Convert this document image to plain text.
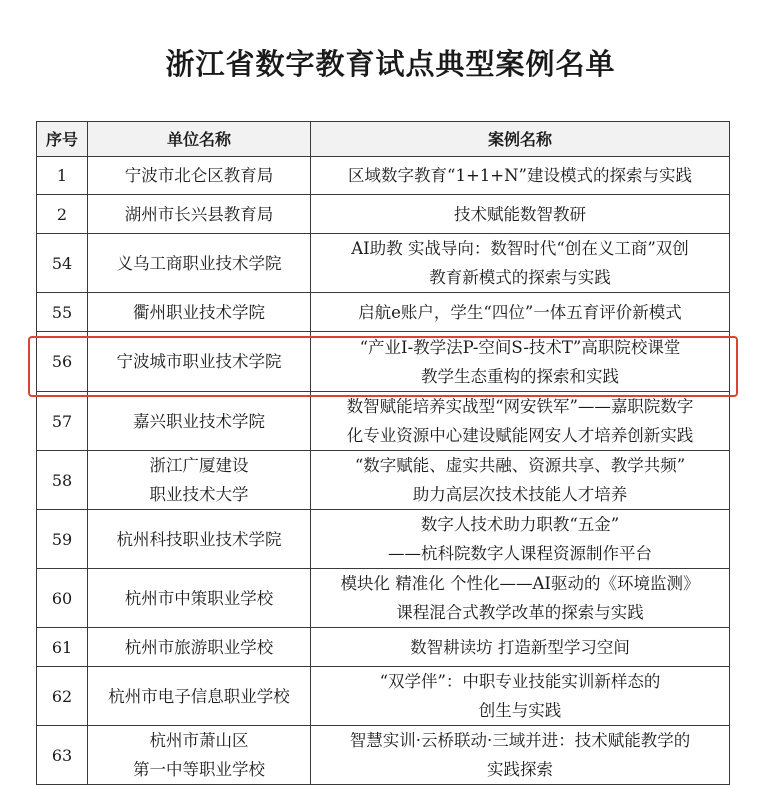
浙江省数字教育试点典型案例名单
序号	单位名称	案例名称
1	宁波市北仑区教育局	区域数字教育“1+1+N”建设模式的探索与实践

2	湖州市长兴县教育局	技术赋能数智教研

54	义乌工商职业技术学院	AI助教 实战导向：数智时代“创在义工商”双创
教育新模式的探索与实践

55	衢州职业技术学院	启航e账户，学生“四位”一体五育评价新模式

56	宁波城市职业技术学院	“产业I-教学法P-空间S-技术T”高职院校课堂
教学生态重构的探索和实践

57	嘉兴职业技术学院	数智赋能培养实战型“网安铁军”——嘉职院数字
化专业资源中心建设赋能网安人才培养创新实践

58	浙江广厦建设
职业技术大学	“数字赋能、虚实共融、资源共享、教学共频”
助力高层次技术技能人才培养

59	杭州科技职业技术学院	数字人技术助力职教“五金”
——杭科院数字人课程资源制作平台

60	杭州市中策职业学校	模块化 精准化 个性化——AI驱动的《环境监测》
课程混合式教学改革的探索与实践

61	杭州市旅游职业学校	数智耕读坊 打造新型学习空间

62	杭州市电子信息职业学校	“双学伴”：中职专业技能实训新样态的
创生与实践

63	杭州市萧山区
第一中等职业学校	智慧实训·云桥联动·三域并进：技术赋能教学的
实践探索
